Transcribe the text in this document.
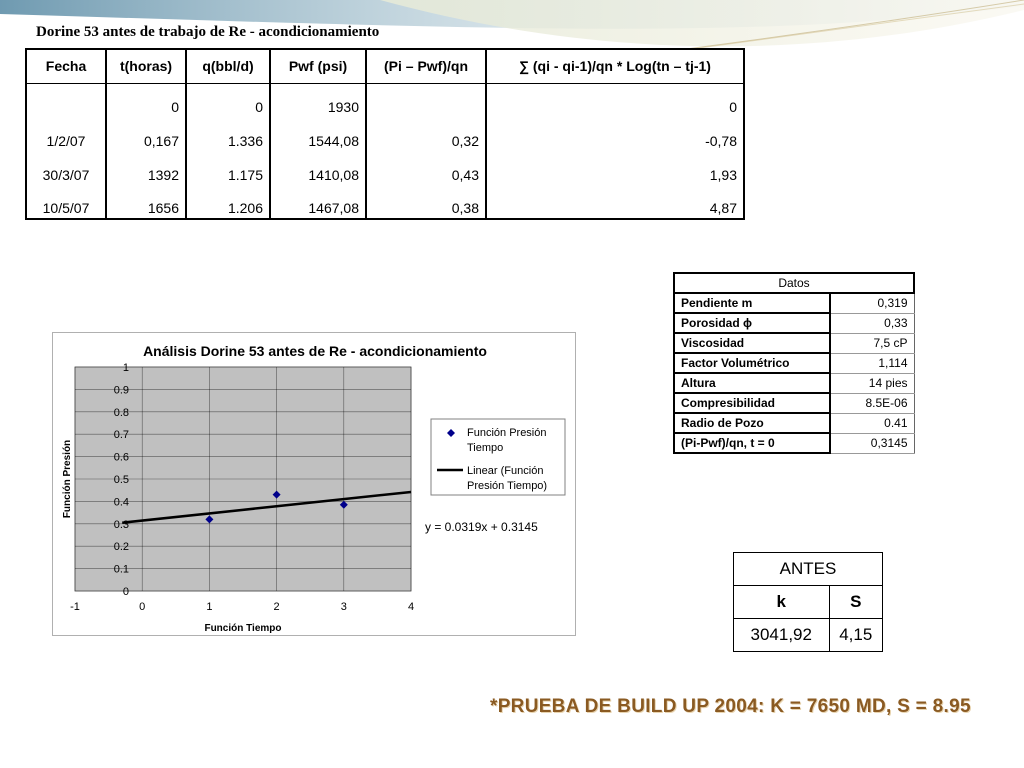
Dorine 53 antes de trabajo de Re - acondicionamiento
Fecha	t(horas)	q(bbl/d)	Pwf (psi)	(Pi – Pwf)/qn	∑ (qi - qi-1)/qn * Log(tn – tj-1)
	0	0	1930		0
1/2/07	0,167	1.336	1544,08	0,32	-0,78
30/3/07	1392	1.175	1410,08	0,43	1,93
10/5/07	1656	1.206	1467,08	0,38	4,87
Datos	
Pendiente m	0,319
Porosidad ϕ	0,33
Viscosidad	7,5 cP
Factor Volumétrico	1,114
Altura	14 pies
Compresibilidad	8.5E-06
Radio de Pozo	0.41
(Pi-Pwf)/qn, t = 0	0,3145
ANTES	
k	S
3041,92	4,15
Análisis Dorine 53 antes de Re - acondicionamiento
0
0.1
0.2
0.3
0.4
0.5
0.6
0.7
0.8
0.9
1
-1	0	1	2	3	4
Función Tiempo
Función Presión
Función Presión
Tiempo
Linear (Función
Presión Tiempo)
y = 0.0319x + 0.3145
*PRUEBA DE BUILD UP 2004: K = 7650 MD, S = 8.95
